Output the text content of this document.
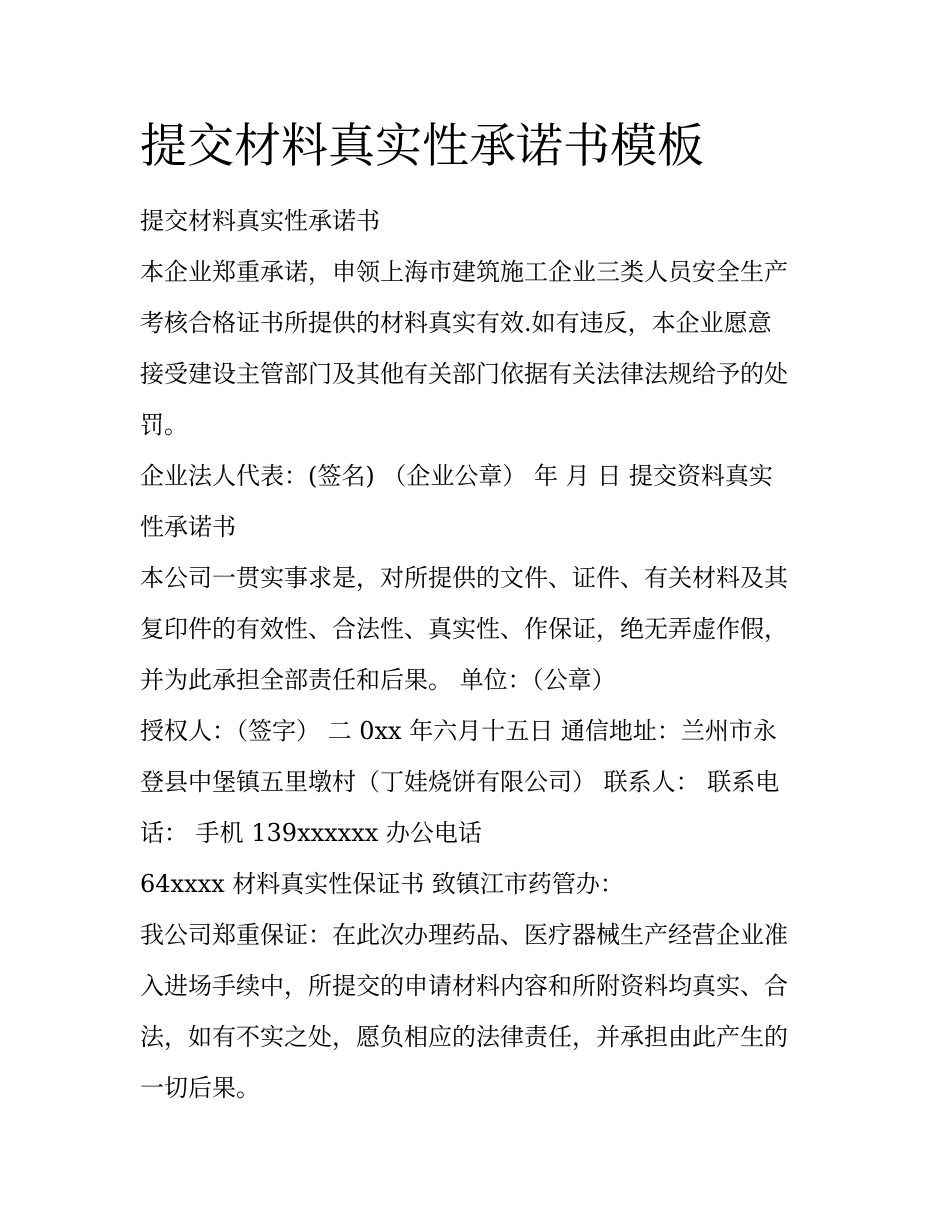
提交材料真实性承诺书模板
提交材料真实性承诺书
本企业郑重承诺，申领上海市建筑施工企业三类人员安全生产
考核合格证书所提供的材料真实有效.如有违反，本企业愿意
接受建设主管部门及其他有关部门依据有关法律法规给予的处
罚。
企业法人代表：(签名) （企业公章） 年 月 日 提交资料真实
性承诺书
本公司一贯实事求是，对所提供的文件、证件、有关材料及其
复印件的有效性、合法性、真实性、作保证，绝无弄虚作假，
并为此承担全部责任和后果。 单位：（公章）
授权人：（签字） 二 0xx 年六月十五日 通信地址：兰州市永
登县中堡镇五里墩村（丁娃烧饼有限公司） 联系人： 联系电
话： 手机 139xxxxxx 办公电话
64xxxx 材料真实性保证书 致镇江市药管办：
我公司郑重保证：在此次办理药品、医疗器械生产经营企业准
入进场手续中，所提交的申请材料内容和所附资料均真实、合
法，如有不实之处，愿负相应的法律责任，并承担由此产生的
一切后果。
